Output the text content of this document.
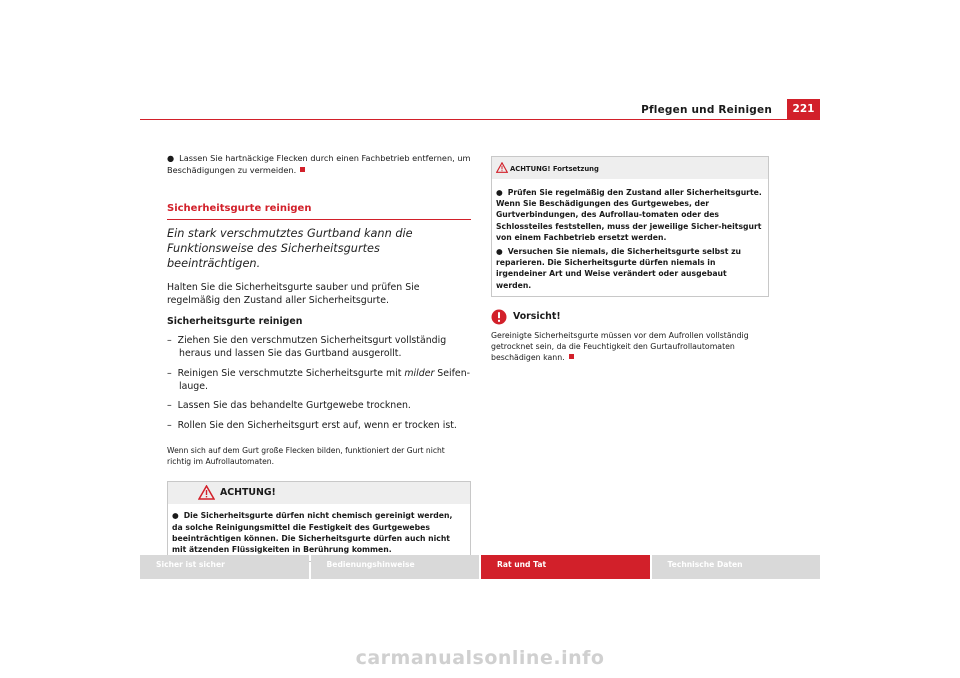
Pflegen und Reinigen	221
● Lassen Sie hartnäckige Flecken durch einen Fachbetrieb entfernen, um Beschädigungen zu vermeiden.
Sicherheitsgurte reinigen
Ein stark verschmutztes Gurtband kann die Funktionsweise des Sicherheitsgurtes beeinträchtigen.
Halten Sie die Sicherheitsgurte sauber und prüfen Sie regelmäßig den Zustand aller Sicherheitsgurte.
Sicherheitsgurte reinigen
– Ziehen Sie den verschmutzen Sicherheitsgurt vollständig heraus und lassen Sie das Gurtband ausgerollt.
– Reinigen Sie verschmutzte Sicherheitsgurte mit milder Seifen-lauge.
– Lassen Sie das behandelte Gurtgewebe trocknen.
– Rollen Sie den Sicherheitsgurt erst auf, wenn er trocken ist.
Wenn sich auf dem Gurt große Flecken bilden, funktioniert der Gurt nicht richtig im Aufrollautomaten.
ACHTUNG!
● Die Sicherheitsgurte dürfen nicht chemisch gereinigt werden, da solche Reinigungsmittel die Festigkeit des Gurtgewebes beeinträchtigen können. Die Sicherheitsgurte dürfen auch nicht mit ätzenden Flüssigkeiten in Berührung kommen.
ACHTUNG! Fortsetzung
● Prüfen Sie regelmäßig den Zustand aller Sicherheitsgurte. Wenn Sie Beschädigungen des Gurtgewebes, der Gurtverbindungen, des Aufrollau-tomaten oder des Schlossteiles feststellen, muss der jeweilige Sicher-heitsgurt von einem Fachbetrieb ersetzt werden.
● Versuchen Sie niemals, die Sicherheitsgurte selbst zu reparieren. Die Sicherheitsgurte dürfen niemals in irgendeiner Art und Weise verändert oder ausgebaut werden.
Vorsicht!
Gereinigte Sicherheitsgurte müssen vor dem Aufrollen vollständig getrocknet sein, da die Feuchtigkeit den Gurtaufrollautomaten beschädigen kann.
Sicher ist sicher	Bedienungshinweise	Rat und Tat	Technische Daten
carmanualsonline.info
